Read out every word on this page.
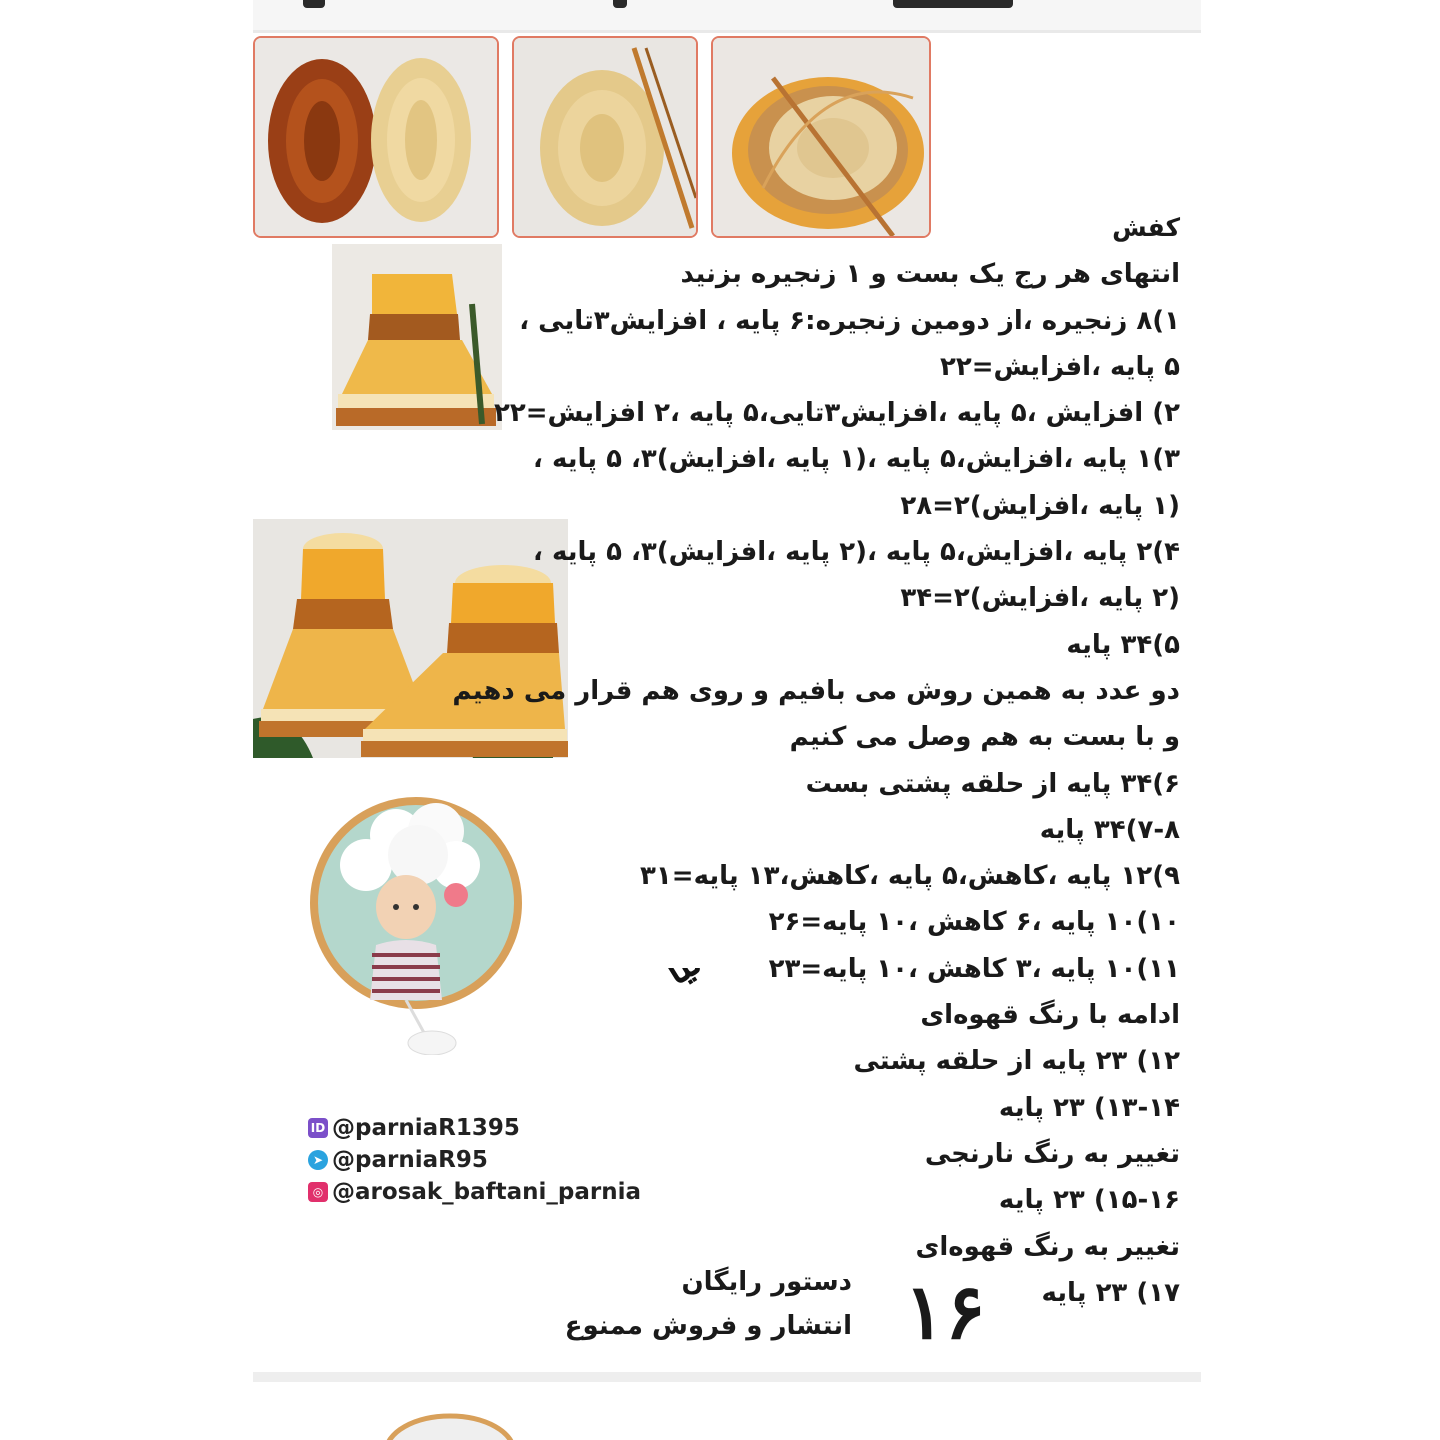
کفش
انتهای هر رج یک بست و ۱ زنجیره بزنید
۱)۸ زنجیره ،از دومین زنجیره:۶ پایه ، افزایش۳تایی ،
۵ پایه ،افزایش=۲۲
۲) افزایش ،۵ پایه ،افزایش۳تایی،۵ پایه ،۲ افزایش=۲۲
۳)۱ پایه ،افزایش،۵ پایه ،(۱ پایه ،افزایش)۳، ۵ پایه ،
(۱ پایه ،افزایش)۲=۲۸
۴)۲ پایه ،افزایش،۵ پایه ،(۲ پایه ،افزایش)۳، ۵ پایه ،
(۲ پایه ،افزایش)۲=۳۴
۵)۳۴ پایه
دو عدد به همین روش می بافیم و روی هم قرار می دهیم
و با بست به هم وصل می کنیم
۶)۳۴ پایه از حلقه پشتی بست
۷-۸)۳۴ پایه
۹)۱۲ پایه ،کاهش،۵ پایه ،کاهش،۱۳ پایه=۳۱
۱۰)۱۰ پایه ،۶ کاهش ،۱۰ پایه=۲۶
۱۱)۱۰ پایه ،۳ کاهش ،۱۰ پایه=۲۳
ادامه با رنگ قهوه‌ای
۱۲) ۲۳ پایه از حلقه پشتی
۱۳-۱۴) ۲۳ پایه
تغییر به رنگ نارنجی
۱۵-۱۶) ۲۳ پایه
تغییر به رنگ قهوه‌ای
۱۷) ۲۳ پایه
ID @parniaR1395
➤ @parniaR95
◎ @arosak_baftani_parnia
دستور رایگان
انتشار و فروش ممنوع ۱۶
